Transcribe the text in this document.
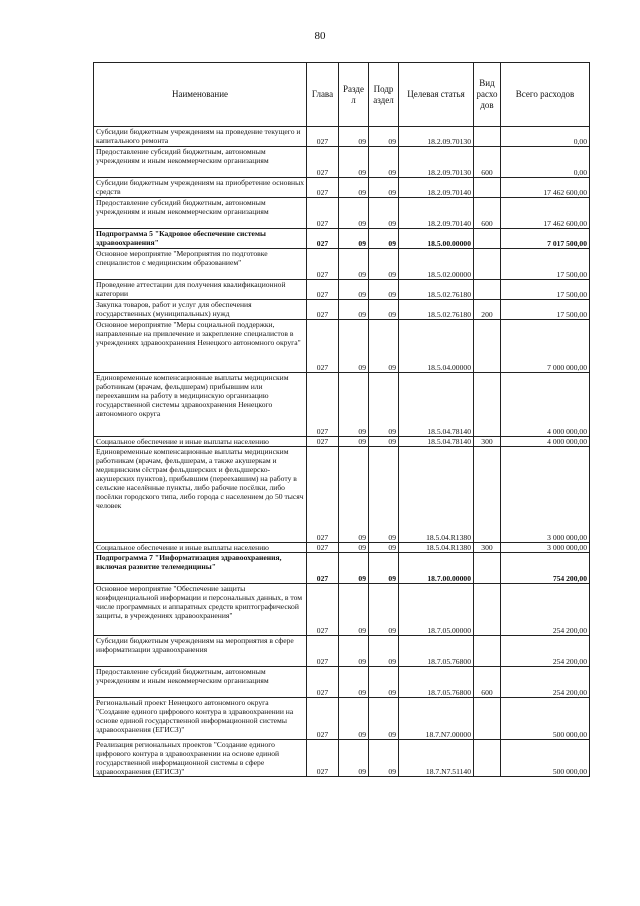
80
Наименование	Глава	Разде л	Подр аздел	Целевая статья	Вид расхо дов	Всего расходов
Субсидии бюджетным учреждениям на проведение текущего и капитального ремонта	027	09	09	18.2.09.70130		0,00
Предоставление субсидий бюджетным, автономным учреждениям и иным некоммерческим организациям	027	09	09	18.2.09.70130	600	0,00
Субсидии бюджетным учреждениям на приобретение основных средств	027	09	09	18.2.09.70140		17 462 600,00
Предоставление субсидий бюджетным, автономным учреждениям и иным некоммерческим организациям	027	09	09	18.2.09.70140	600	17 462 600,00
Подпрограмма 5 "Кадровое обеспечение системы здравоохранения"	027	09	09	18.5.00.00000		7 017 500,00
Основное мероприятие "Мероприятия по подготовке специалистов с медицинским образованием"	027	09	09	18.5.02.00000		17 500,00
Проведение аттестации для получения квалификационной категории	027	09	09	18.5.02.76180		17 500,00
Закупка товаров, работ и услуг для обеспечения государственных (муниципальных) нужд	027	09	09	18.5.02.76180	200	17 500,00
Основное мероприятие "Меры социальной поддержки, направленные на привлечение и закрепление специалистов в учреждениях здравоохранения Ненецкого автономного округа"	027	09	09	18.5.04.00000		7 000 000,00
Единовременные компенсационные выплаты медицинским работникам (врачам, фельдшерам) прибывшим или переехавшим на работу в медицинскую организацию государственной системы здравоохранения Ненецкого автономного округа	027	09	09	18.5.04.78140		4 000 000,00
Социальное обеспечение и иные выплаты населению	027	09	09	18.5.04.78140	300	4 000 000,00
Единовременные компенсационные выплаты медицинским работникам (врачам, фельдшерам, а также акушеркам и медицинским сёстрам фельдшерских и фельдшерско-акушерских пунктов), прибывшим (переехавшим) на работу в сельские населённые пункты, либо рабочие посёлки, либо посёлки городского типа, либо города с населением до 50 тысяч человек	027	09	09	18.5.04.R1380		3 000 000,00
Социальное обеспечение и иные выплаты населению	027	09	09	18.5.04.R1380	300	3 000 000,00
Подпрограмма 7 "Информатизация здравоохранения, включая развитие телемедицины"	027	09	09	18.7.00.00000		754 200,00
Основное мероприятие "Обеспечение защиты конфиденциальной информации и персональных данных, в том числе программных и аппаратных средств криптографической защиты, в учреждениях здравоохранения"	027	09	09	18.7.05.00000		254 200,00
Субсидии бюджетным учреждениям на мероприятия в сфере информатизации здравоохранения	027	09	09	18.7.05.76800		254 200,00
Предоставление субсидий бюджетным, автономным учреждениям и иным некоммерческим организациям	027	09	09	18.7.05.76800	600	254 200,00
Региональный проект Ненецкого автономного округа "Создание единого цифрового контура в здравоохранении на основе единой государственной информационной системы здравоохранения (ЕГИСЗ)"	027	09	09	18.7.N7.00000		500 000,00
Реализация региональных проектов "Создание единого цифрового контура в здравоохранении на основе единой государственной информационной системы в сфере здравоохранения (ЕГИСЗ)"	027	09	09	18.7.N7.51140		500 000,00
